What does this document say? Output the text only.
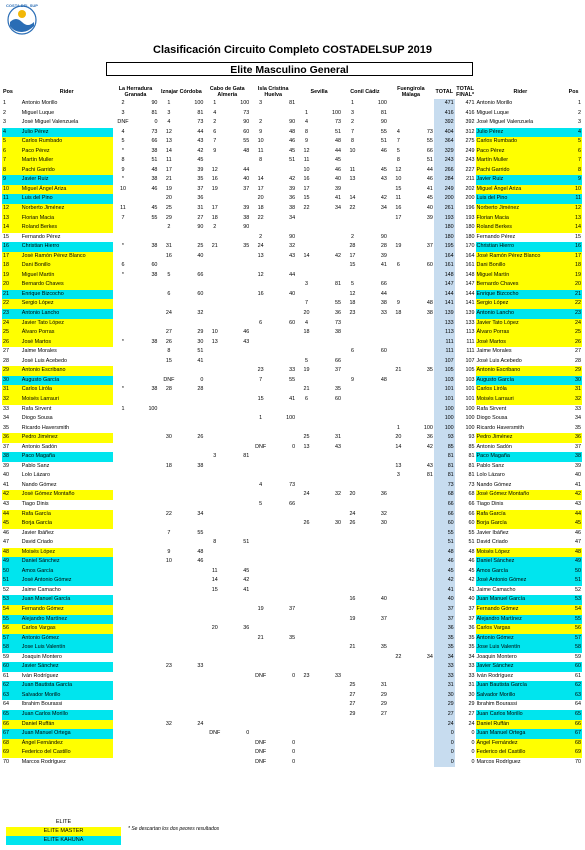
COSTA DEL SUP
Clasificación Circuito Completo COSTADELSUP 2019
Elite Masculino General
Pos	Rider	La Herradura Granada		Iznajar Córdoba		Cabo de Gata Almería		Isla Cristina Huelva		Sevilla		Conil Cádiz		Fuengirola Málaga		TOTAL	TOTAL FINAL*	Rider	Pos
1	Antonio Morillo	2	90	1	100	1	100	3	81			1	100			471	471	Antonio Morillo	1
2	Miguel Luque	3	81	3	81	4	73			1	100	3	81			416	416	Miguel Luque	2
3	José Miguel Valenzuela	DNF	0	4	73	2	90	2	90	4	73	2	90			392	392	José Miguel Valenzuela	3
4	Julio Pérez	4	73	12	44	6	60	9	48	8	51	7	55	4	73	404	312	Julio Pérez	4
5	Carlos Rumbado	5	66	13	43	7	55	10	46	9	48	8	51	7	55	364	275	Carlos Rumbado	5
6	Paco Pérez	*	38	14	42	9	48	11	45	12	44	10	46	5	66	329	249	Paco Pérez	6
7	Martín Muller	8	51	11	45			8	51	11	45			8	51	243	243	Martín Muller	7
8	Pachi Garrido	9	48	17	39	12	44			10	46	11	45	12	44	266	227	Pachi Garrido	8
9	Javier Ruiz	*	38	21	35	16	40	14	42	16	40	13	43	10	46	284	211	Javier Ruiz	9
10	Miguel Ángel Ariza	10	46	19	37	19	37	17	39	17	39			15	41	249	202	Miguel Ángel Ariza	10
11	Luis del Pino			20	36			20	36	15	41	14	42	11	45	200	200	Luis del Pino	11
12	Norberto Jiménez	11	45	25	31	17	39	18	38	22	34	22	34	16	40	261	196	Norberto Jiménez	12
13	Florian Macia	7	55	29	27	18	38	22	34					17	39	193	193	Florian Macia	13
14	Roland Berkes			2	90	2	90									180	180	Roland Berkes	14
15	Fernando Pérez							2	90			2	90			180	180	Fernando Pérez	15
16	Christian Hierro	*	38	31	25	21	35	24	32			28	28	19	37	195	170	Christian Hierro	16
17	José Ramón Pérez Blanco			16	40			13	43	14	42	17	39			164	164	José Ramón Pérez Blanco	17
18	Dani Bonillo	6	60									15	41	6	60	161	161	Dani Bonillo	18
19	Miguel Martín	*	38	5	66			12	44							148	148	Miguel Martín	19
20	Bernardo Chaves									3	81	5	66			147	147	Bernardo Chaves	20
21	Enrique Bizcocho			6	60			16	40			12	44			144	144	Enrique Bizcocho	21
22	Sergio López									7	55	18	38	9	48	141	141	Sergio López	22
23	Antonio Lancho			24	32					20	36	23	33	18	38	139	139	Antonio Lancho	23
24	Javier Tato López							6	60	4	73					133	133	Javier Tato López	24
25	Álvaro Porras			27	29	10	46			18	38					113	113	Álvaro Porras	25
26	José Martos	*	38	26	30	13	43									111	111	José Martos	26
27	Jaime Morales			8	51							6	60			111	111	Jaime Morales	27
28	José Luis Acebedo			15	41					5	66					107	107	José Luis Acebedo	28
29	Antonio Escribano							23	33	19	37			21	35	105	105	Antonio Escribano	29
30	Augusto García			DNF	0			7	55			9	48			103	103	Augusto García	30
31	Carlos Liróla	*	38	28	28					21	35					101	101	Carlos Liróla	31
32	Moisés Larrauri							15	41	6	60					101	101	Moisés Larrauri	32
33	Rafa Sirvent	1	100													100	100	Rafa Sirvent	33
34	Diogo Sousa							1	100							100	100	Diogo Sousa	34
35	Ricardo Haversmith													1	100	100	100	Ricardo Haversmith	35
36	Pedro Jiménez			30	26					25	31			20	36	93	93	Pedro Jiménez	36
37	Antonio Sadón							DNF	0	13	43			14	42	85	85	Antonio Sadón	37
38	Paco Magaña					3	81									81	81	Paco Magaña	38
39	Pablo Sanz			18	38									13	43	81	81	Pablo Sanz	39
40	Lolo Lázaro													3	81	81	81	Lolo Lázaro	40
41	Nando Gómez							4	73							73	73	Nando Gómez	41
42	José Gómez Montaño									24	32	20	36			68	68	José Gómez Montaño	42
43	Tiago Dinis							5	66							66	66	Tiago Dinis	43
44	Rafa García			22	34							24	32			66	66	Rafa García	44
45	Borja García									26	30	26	30			60	60	Borja García	45
46	Javier Ibáñez			7	55											55	55	Javier Ibáñez	46
47	David Criado					8	51									51	51	David Criado	47
48	Moisés López			9	48											48	48	Moisés López	48
49	Daniel Sánchez			10	46											46	46	Daniel Sánchez	49
50	Amos García					11	45									45	45	Amos García	50
51	José Antonio Gómez					14	42									42	42	José Antonio Gómez	51
52	Jaime Camacho					15	41									41	41	Jaime Camacho	52
53	Juan Manuel García											16	40			40	40	Juan Manuel García	53
54	Fernando Gómez							19	37							37	37	Fernando Gómez	54
55	Alejandro Martínez											19	37			37	37	Alejandro Martínez	55
56	Carlos Vargas					20	36									36	36	Carlos Vargas	56
57	Antonio Gómez							21	35							35	35	Antonio Gómez	57
58	Jose Luis Valentín											21	35			35	35	Jose Luis Valentín	58
59	Joaquin Montero													22	34	34	34	Joaquin Montero	59
60	Javier Sánchez			23	33											33	33	Javier Sánchez	60
61	Iván Rodríguez							DNF	0	23	33					33	33	Iván Rodríguez	61
62	Juan Bautista García											25	31			31	31	Juan Bautista García	62
63	Salvador Morillo											27	29			30	30	Salvador Morillo	63
64	Ibrahim Bourassi											27	29			29	29	Ibrahim Bourassi	64
65	Juan Carlos Morillo											29	27			27	27	Juan Carlos Morillo	65
66	Daniel Ruffán			32	24											24	24	Daniel Ruffán	66
67	Juan Manuel Ortega					DNF	0									0	0	Juan Manuel Ortega	67
68	Ángel Fernández							DNF	0							0	0	Ángel Fernández	68
69	Federico del Castillo							DNF	0							0	0	Federico del Castillo	69
70	Marcos Rodríguez							DNF	0							0	0	Marcos Rodríguez	70
ELITE
ELITE MASTER
ELITE KAHUNA
* Se descartan los dos peores resultados
